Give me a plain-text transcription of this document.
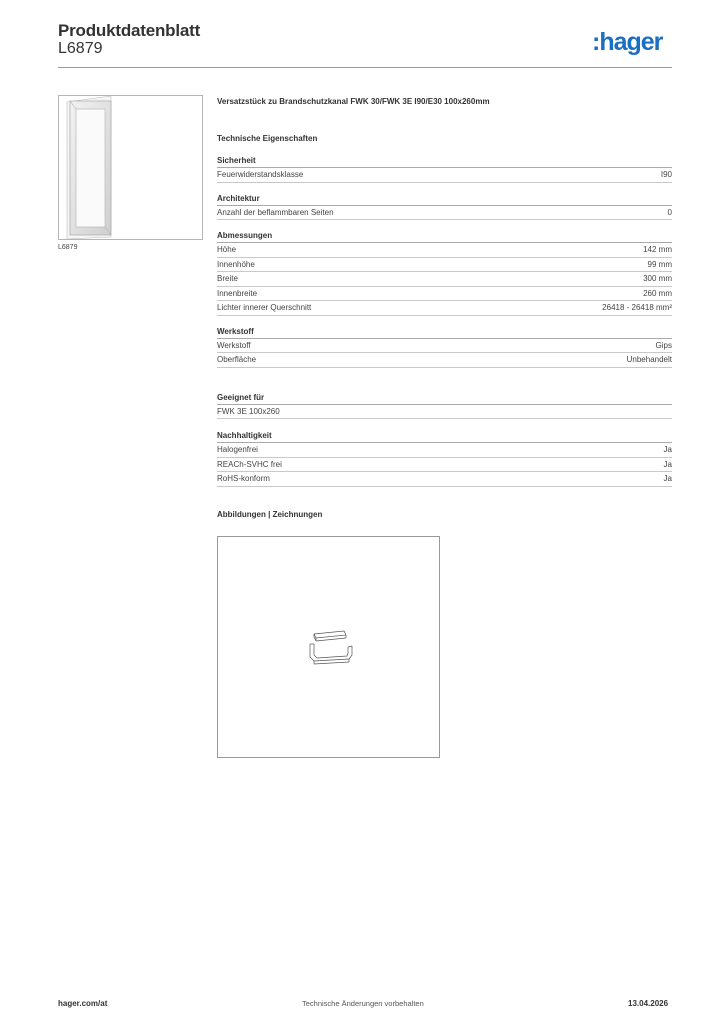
Produktdatenblatt
L6879	:hager
L6879
Versatzstück zu Brandschutzkanal FWK 30/FWK 3E I90/E30 100x260mm
Technische Eigenschaften
Sicherheit
Feuerwiderstandsklasse	I90
Architektur
Anzahl der beflammbaren Seiten	0
Abmessungen
Höhe	142 mm
Innenhöhe	99 mm
Breite	300 mm
Innenbreite	260 mm
Lichter innerer Querschnitt	26418 - 26418 mm²
Werkstoff
Werkstoff	Gips
Oberfläche	Unbehandelt
Geeignet für
FWK 3E 100x260
Nachhaltigkeit
Halogenfrei	Ja
REACh-SVHC frei	Ja
RoHS-konform	Ja
Abbildungen | Zeichnungen
hager.com/at	Technische Änderungen vorbehalten	13.04.2026
